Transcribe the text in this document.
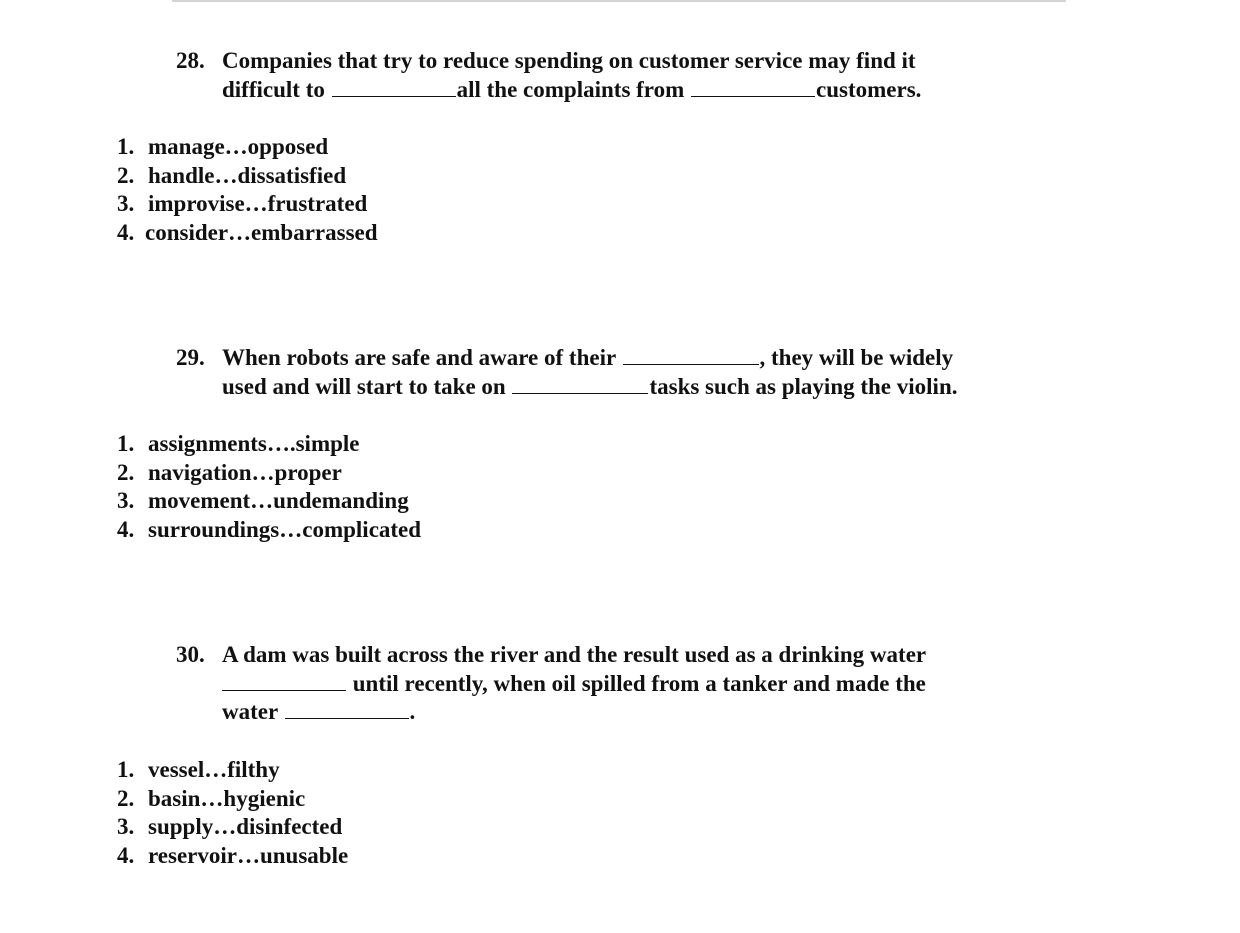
28. Companies that try to reduce spending on customer service may find it
difficult to	all the complaints from	customers.
1. manage…opposed
2. handle…dissatisfied
3. improvise…frustrated
4. consider…embarrassed
29. When robots are safe and aware of their	, they will be widely
used and will start to take on	tasks such as playing the violin.
1. assignments….simple
2. navigation…proper
3. movement…undemanding
4. surroundings…complicated
30. A dam was built across the river and the result used as a drinking water
until recently, when oil spilled from a tanker and made the
water	.
1. vessel…filthy
2. basin…hygienic
3. supply…disinfected
4. reservoir…unusable
